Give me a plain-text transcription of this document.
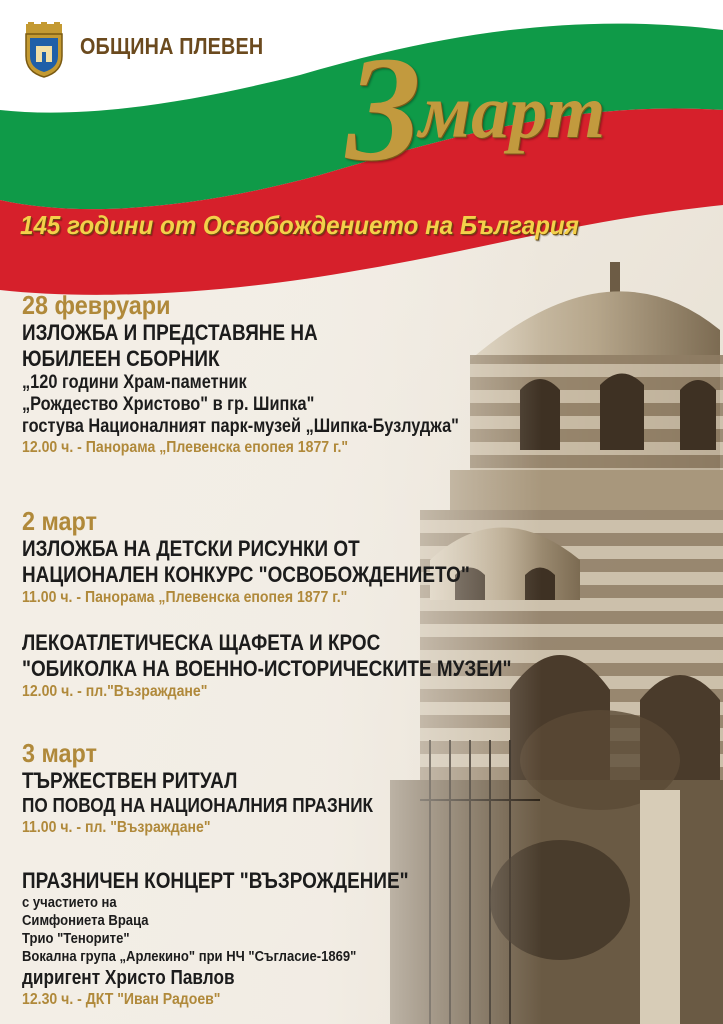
ОБЩИНА ПЛЕВЕН 3март
145 години от Освобождението на България
28 февруари
ИЗЛОЖБА И ПРЕДСТАВЯНЕ НА
ЮБИЛЕЕН СБОРНИК
„120 години Храм-паметник
„Рождество Христово" в гр. Шипка"
гостува Националният парк-музей „Шипка-Бузлуджа"
12.00 ч. - Панорама „Плевенска епопея 1877 г."
2 март
ИЗЛОЖБА НА ДЕТСКИ РИСУНКИ ОТ
НАЦИОНАЛЕН КОНКУРС "ОСВОБОЖДЕНИЕТО"
11.00 ч. - Панорама „Плевенска епопея 1877 г."
ЛЕКОАТЛЕТИЧЕСКА ЩАФЕТА И КРОС
"ОБИКОЛКА НА ВОЕННО-ИСТОРИЧЕСКИТЕ МУЗЕИ"
12.00 ч. - пл."Възраждане"
3 март
ТЪРЖЕСТВЕН РИТУАЛ
ПО ПОВОД НА НАЦИОНАЛНИЯ ПРАЗНИК
11.00 ч. - пл. "Възраждане"
ПРАЗНИЧЕН КОНЦЕРТ "ВЪЗРОЖДЕНИЕ"
с участието на
Симфониета Враца
Трио "Тенорите"
Вокална група „Арлекино" при НЧ "Съгласие-1869"
диригент Христо Павлов
12.30 ч. - ДКТ "Иван Радоев"
